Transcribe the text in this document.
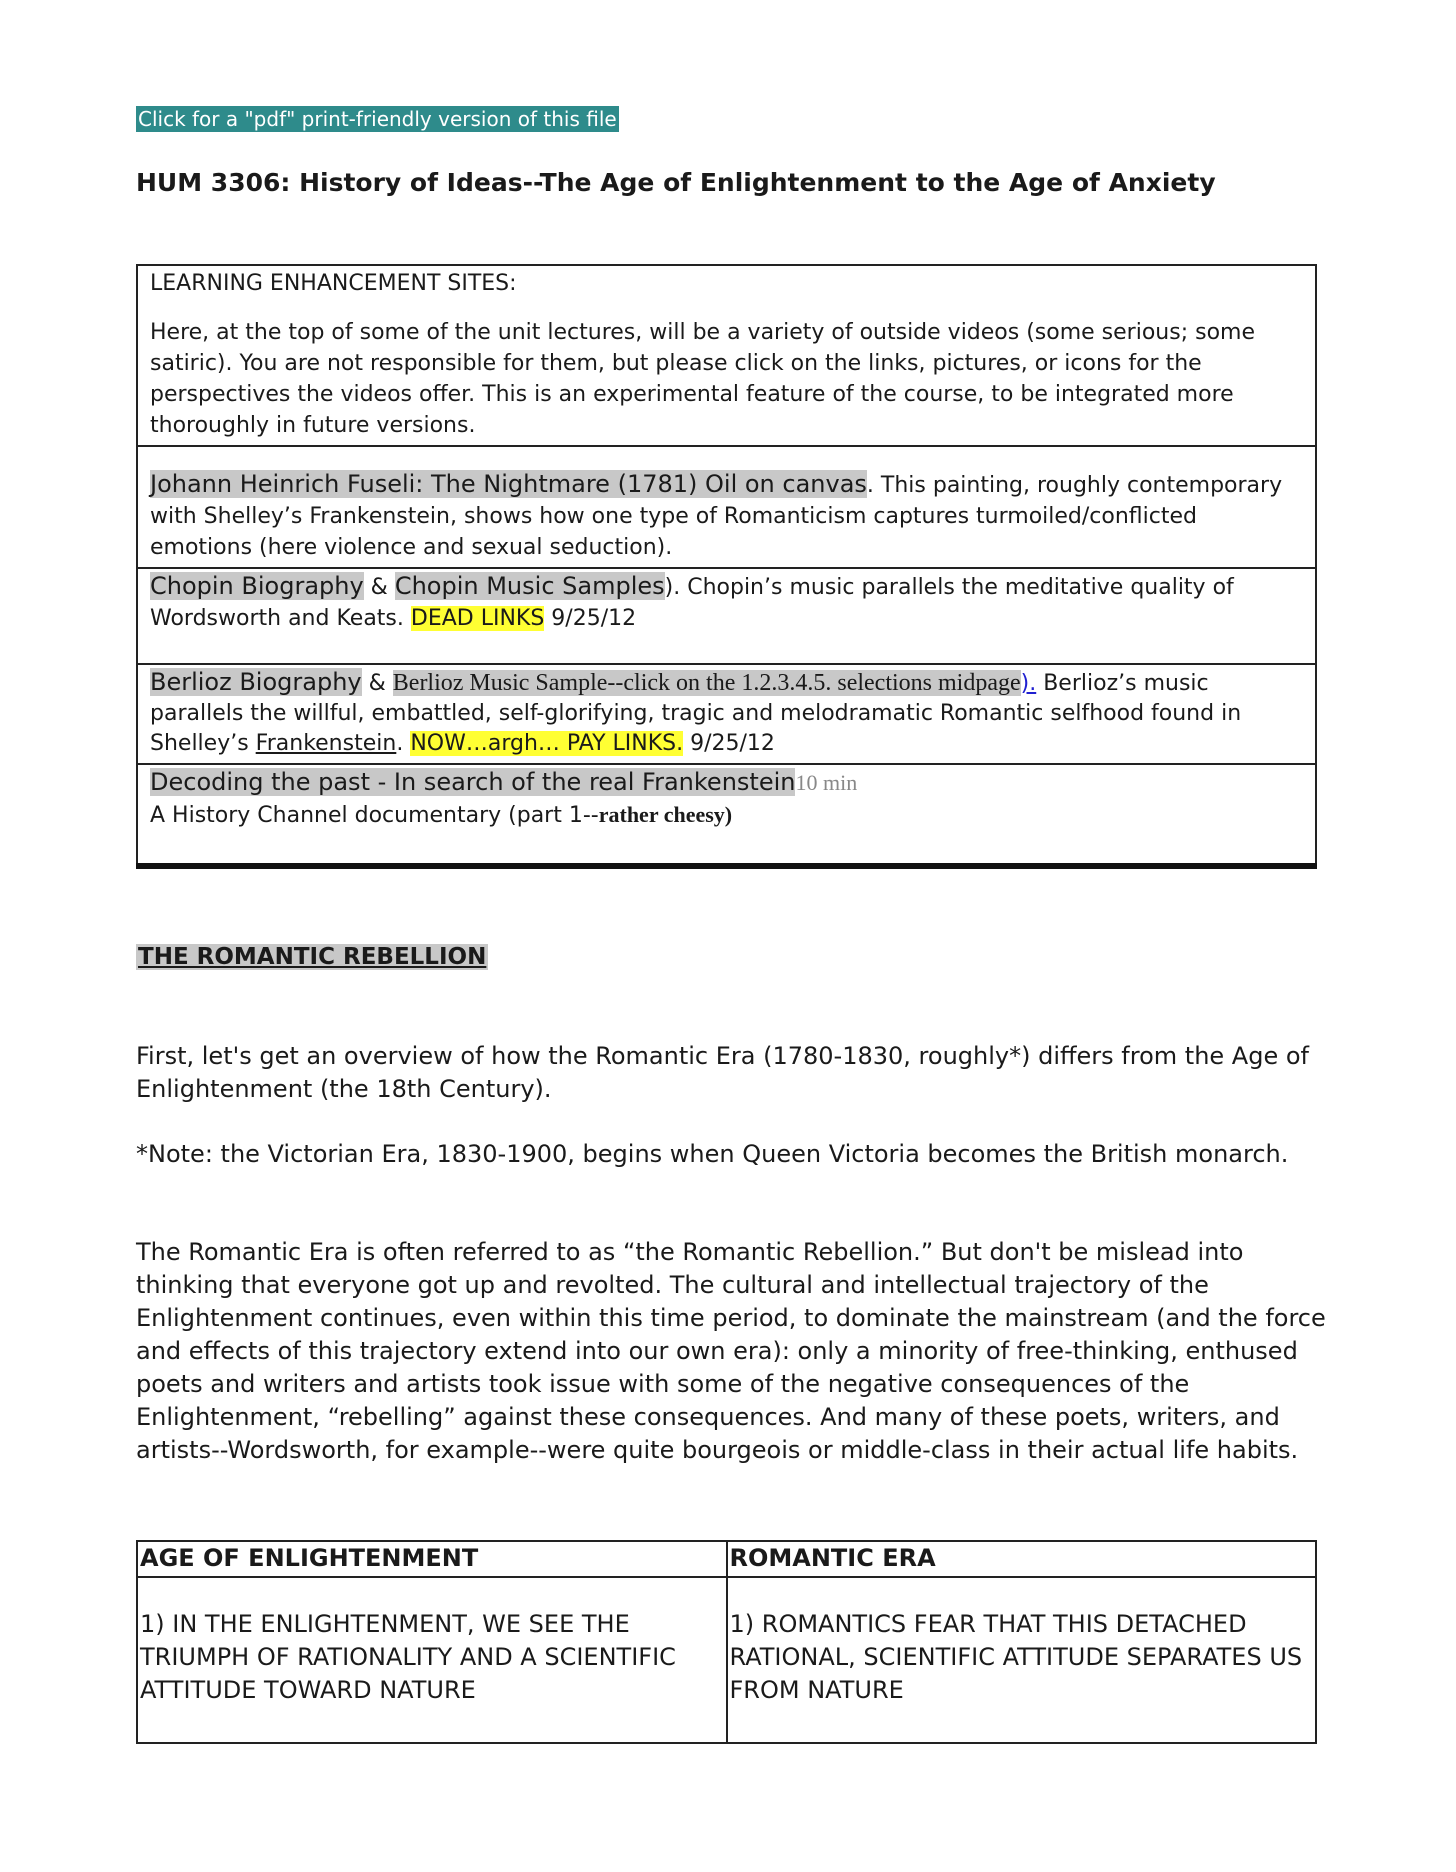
Click for a "pdf" print-friendly version of this file
HUM 3306: History of Ideas--The Age of Enlightenment to the Age of Anxiety
LEARNING ENHANCEMENT SITES:
Here, at the top of some of the unit lectures, will be a variety of outside videos (some serious; some satiric). You are not responsible for them, but please click on the links, pictures, or icons for the perspectives the videos offer. This is an experimental feature of the course, to be integrated more thoroughly in future versions.

Johann Heinrich Fuseli: The Nightmare (1781) Oil on canvas. This painting, roughly contemporary with Shelley’s Frankenstein, shows how one type of Romanticism captures turmoiled/conflicted emotions (here violence and sexual seduction).
Chopin Biography & Chopin Music Samples). Chopin’s music parallels the meditative quality of Wordsworth and Keats. DEAD LINKS 9/25/12
Berlioz Biography & Berlioz Music Sample--click on the 1.2.3.4.5. selections midpage). Berlioz’s music parallels the willful, embattled, self-glorifying, tragic and melodramatic Romantic selfhood found in Shelley’s Frankenstein. NOW…argh… PAY LINKS. 9/25/12
Decoding the past - In search of the real Frankenstein10 min
A History Channel documentary (part 1--rather cheesy)
THE ROMANTIC REBELLION

First, let's get an overview of how the Romantic Era (1780-1830, roughly*) differs from the Age of Enlightenment (the 18th Century).

*Note: the Victorian Era, 1830-1900, begins when Queen Victoria becomes the British monarch.

The Romantic Era is often referred to as “the Romantic Rebellion.” But don't be mislead into thinking that everyone got up and revolted. The cultural and intellectual trajectory of the Enlightenment continues, even within this time period, to dominate the mainstream (and the force and effects of this trajectory extend into our own era): only a minority of free-thinking, enthused poets and writers and artists took issue with some of the negative consequences of the Enlightenment, “rebelling” against these consequences. And many of these poets, writers, and artists--Wordsworth, for example--were quite bourgeois or middle-class in their actual life habits.

AGE OF ENLIGHTENMENT	ROMANTIC ERA
1) IN THE ENLIGHTENMENT, WE SEE THE TRIUMPH OF RATIONALITY AND A SCIENTIFIC ATTITUDE TOWARD NATURE	1) ROMANTICS FEAR THAT THIS DETACHED RATIONAL, SCIENTIFIC ATTITUDE SEPARATES US FROM NATURE
